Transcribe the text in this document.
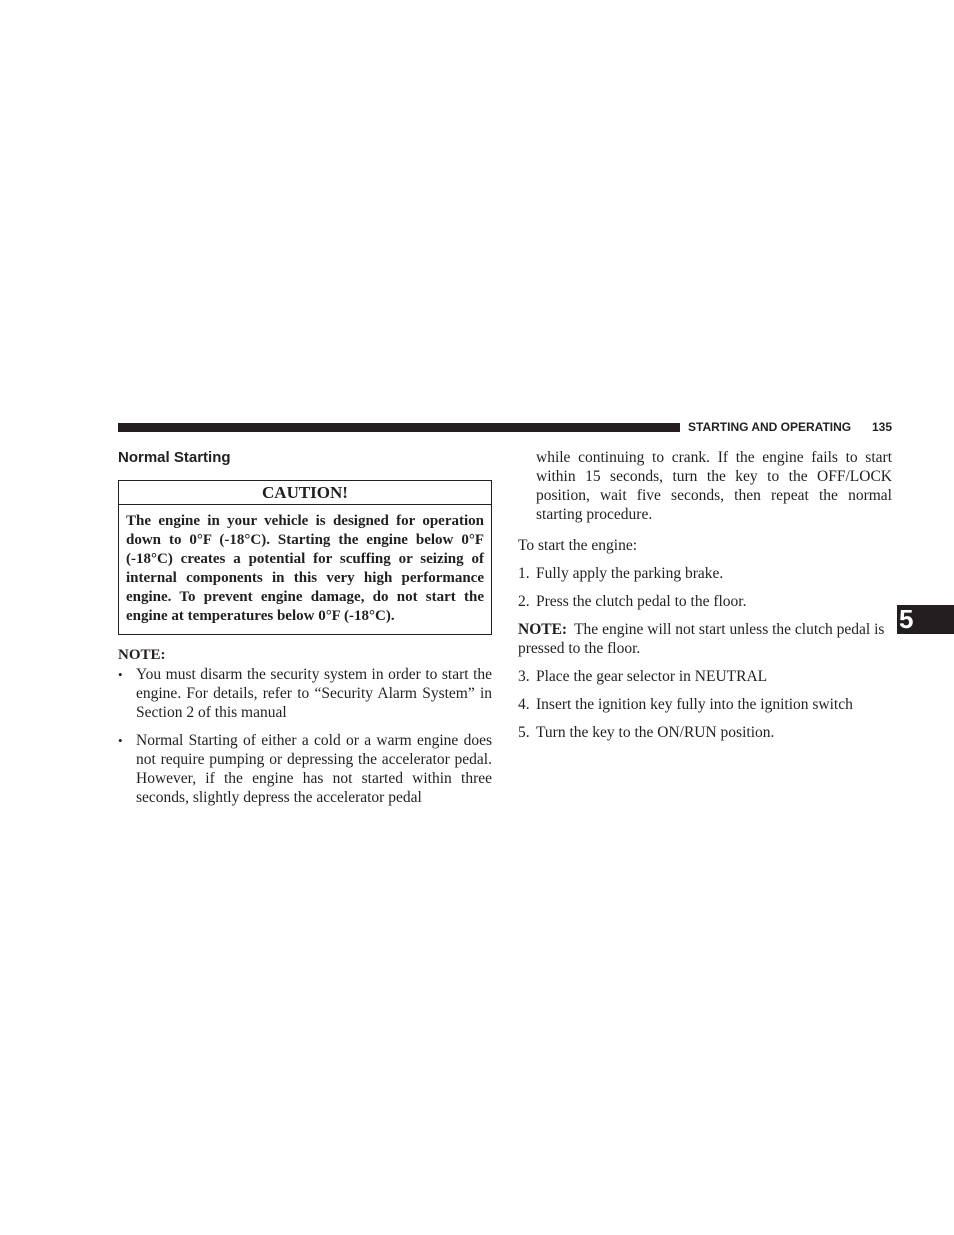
STARTING AND OPERATING 135
5
Normal Starting
CAUTION!
The engine in your vehicle is designed for operation down to 0°F (-18°C). Starting the engine below 0°F (-18°C) creates a potential for scuffing or seizing of internal components in this very high performance engine. To prevent engine damage, do not start the engine at temperatures below 0°F (-18°C).
NOTE:
• You must disarm the security system in order to start the engine. For details, refer to “Security Alarm System” in Section 2 of this manual
• Normal Starting of either a cold or a warm engine does not require pumping or depressing the accelerator pedal. However, if the engine has not started within three seconds, slightly depress the accelerator pedal

while continuing to crank. If the engine fails to start within 15 seconds, turn the key to the OFF/LOCK position, wait five seconds, then repeat the normal starting procedure.

To start the engine:

1. Fully apply the parking brake.

2. Press the clutch pedal to the floor.

NOTE: The engine will not start unless the clutch pedal is pressed to the floor.

3. Place the gear selector in NEUTRAL

4. Insert the ignition key fully into the ignition switch

5. Turn the key to the ON/RUN position.
